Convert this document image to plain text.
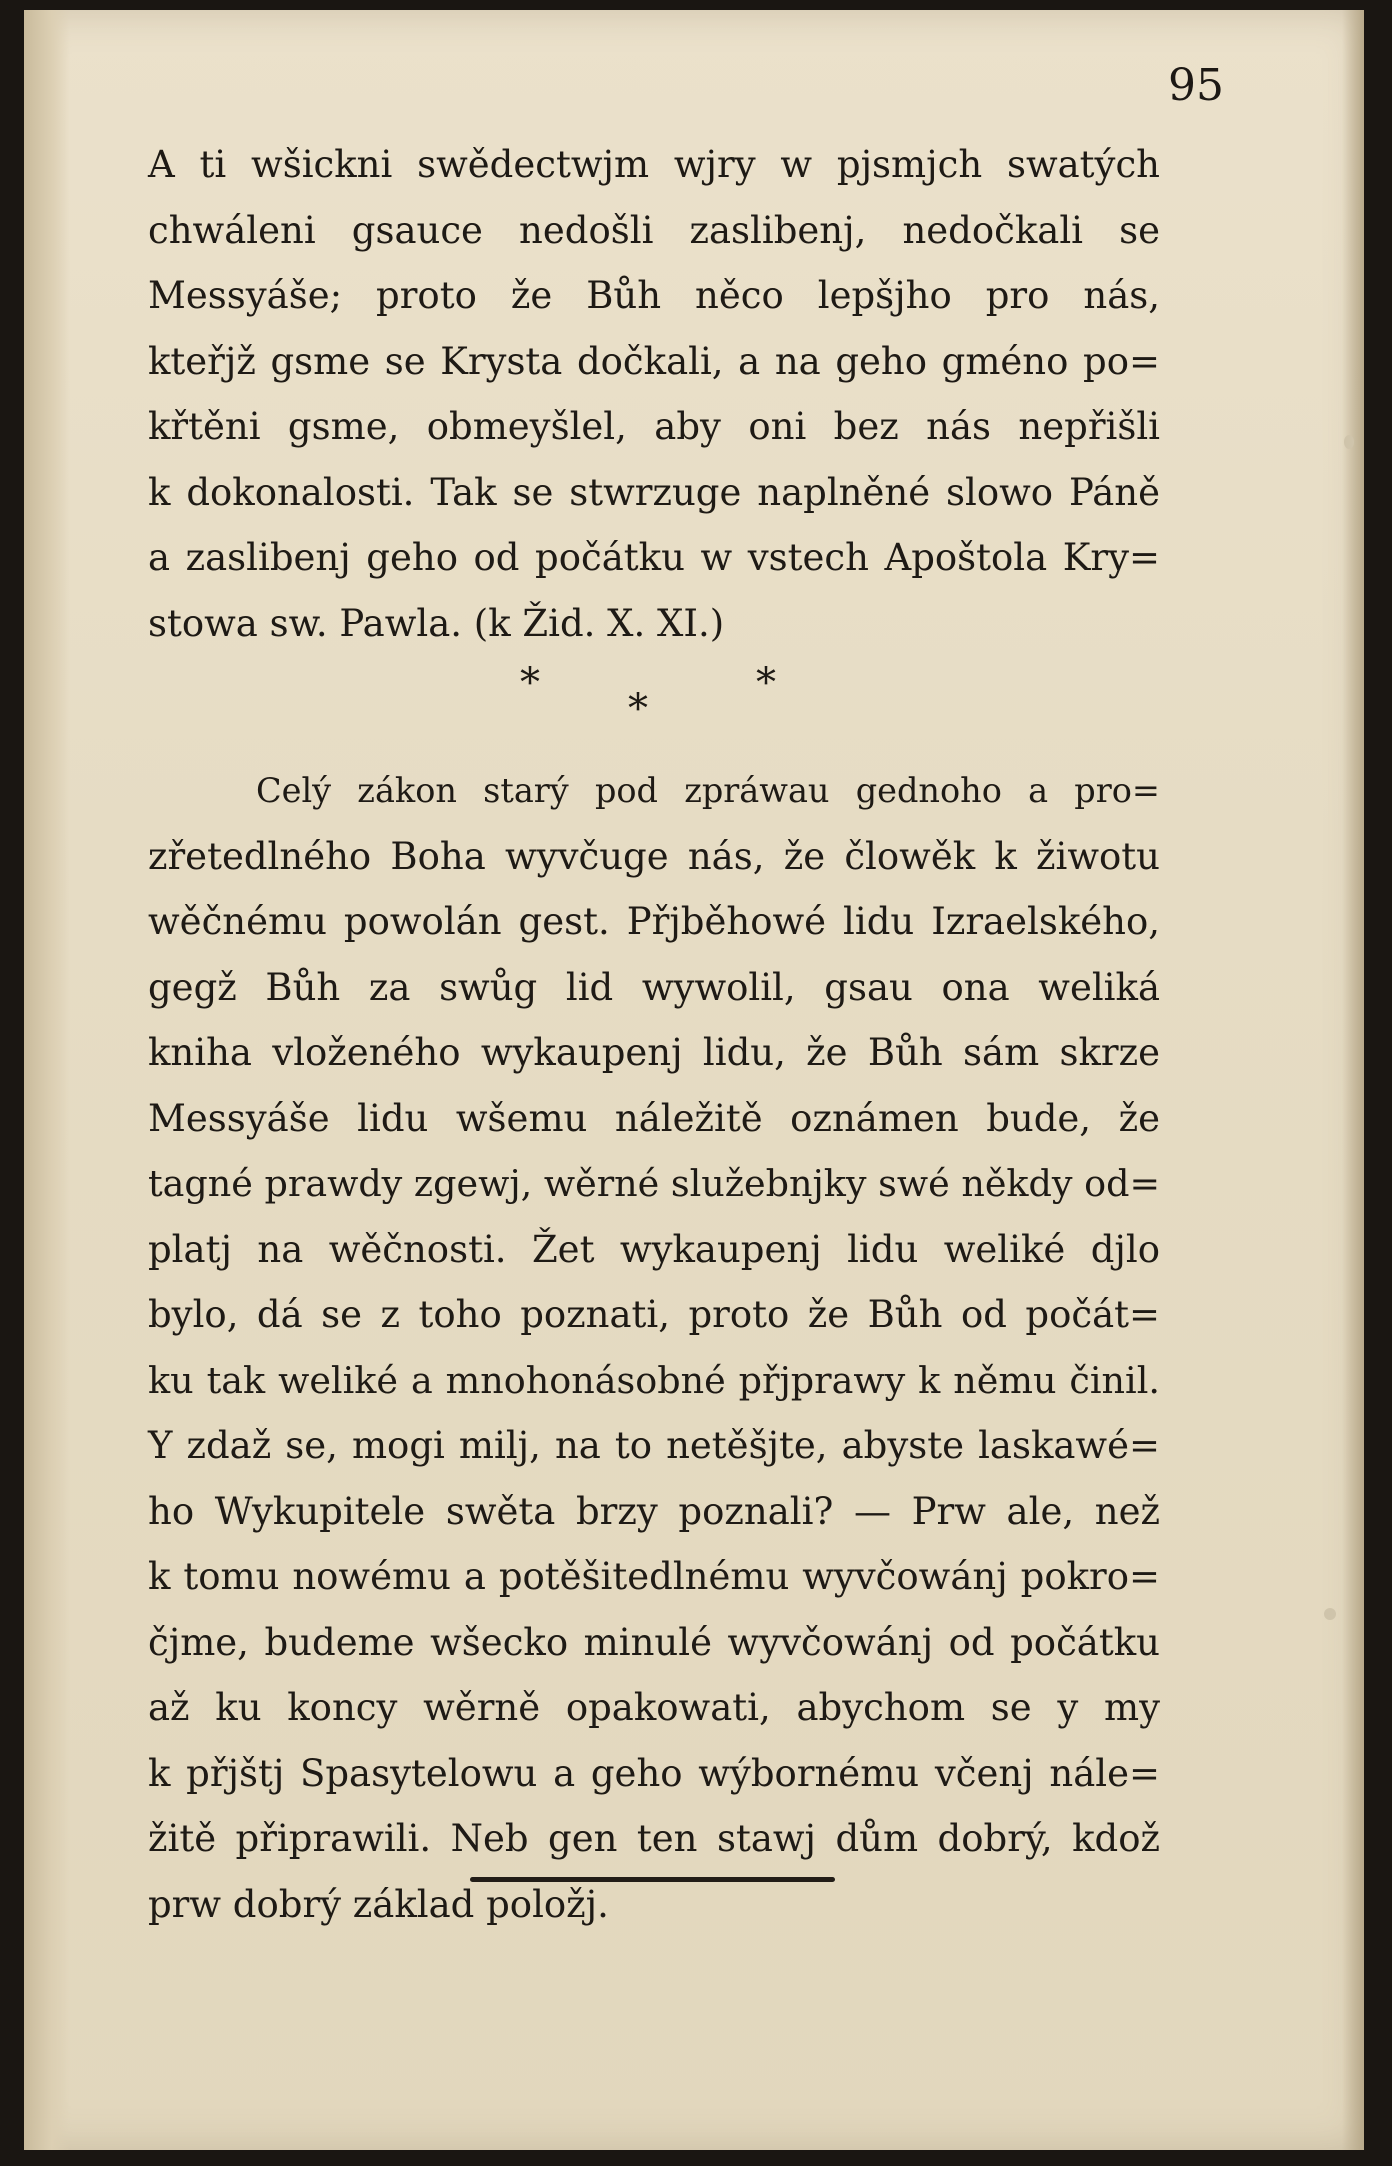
95
A ti wšickni swědectwjm wjry w pjsmjch swatých
chwáleni gsauce nedošli zaslibenj, nedočkali se
Messyáše; proto že Bůh něco lepšjho pro nás,
kteřjž gsme se Krysta dočkali, a na geho gméno po=
křtěni gsme, obmeyšlel, aby oni bez nás nepřišli
k dokonalosti. Tak se stwrzuge naplněné slowo Páně
a zaslibenj geho od počátku w vstech Apoštola Kry=
stowa sw. Pawla. (k Žid. X. XI.)
*
*
*
Celý zákon starý pod zpráwau gednoho a pro=
zřetedlného Boha wyvčuge nás, že člowěk k žiwotu
wěčnému powolán gest. Přjběhowé lidu Izraelského,
gegž Bůh za swůg lid wywolil, gsau ona weliká
kniha vloženého wykaupenj lidu, že Bůh sám skrze
Messyáše lidu wšemu náležitě oznámen bude, že
tagné prawdy zgewj, wěrné služebnjky swé někdy od=
platj na wěčnosti. Žet wykaupenj lidu weliké djlo
bylo, dá se z toho poznati, proto že Bůh od počát=
ku tak weliké a mnohonásobné přjprawy k němu činil.
Y zdaž se, mogi milj, na to netěšjte, abyste laskawé=
ho Wykupitele swěta brzy poznali? — Prw ale, než
k tomu nowému a potěšitedlnému wyvčowánj pokro=
čjme, budeme wšecko minulé wyvčowánj od počátku
až ku koncy wěrně opakowati, abychom se y my
k přjštj Spasytelowu a geho wýbornému včenj nále=
žitě připrawili. Neb gen ten stawj dům dobrý, kdož
prw dobrý základ položj.
